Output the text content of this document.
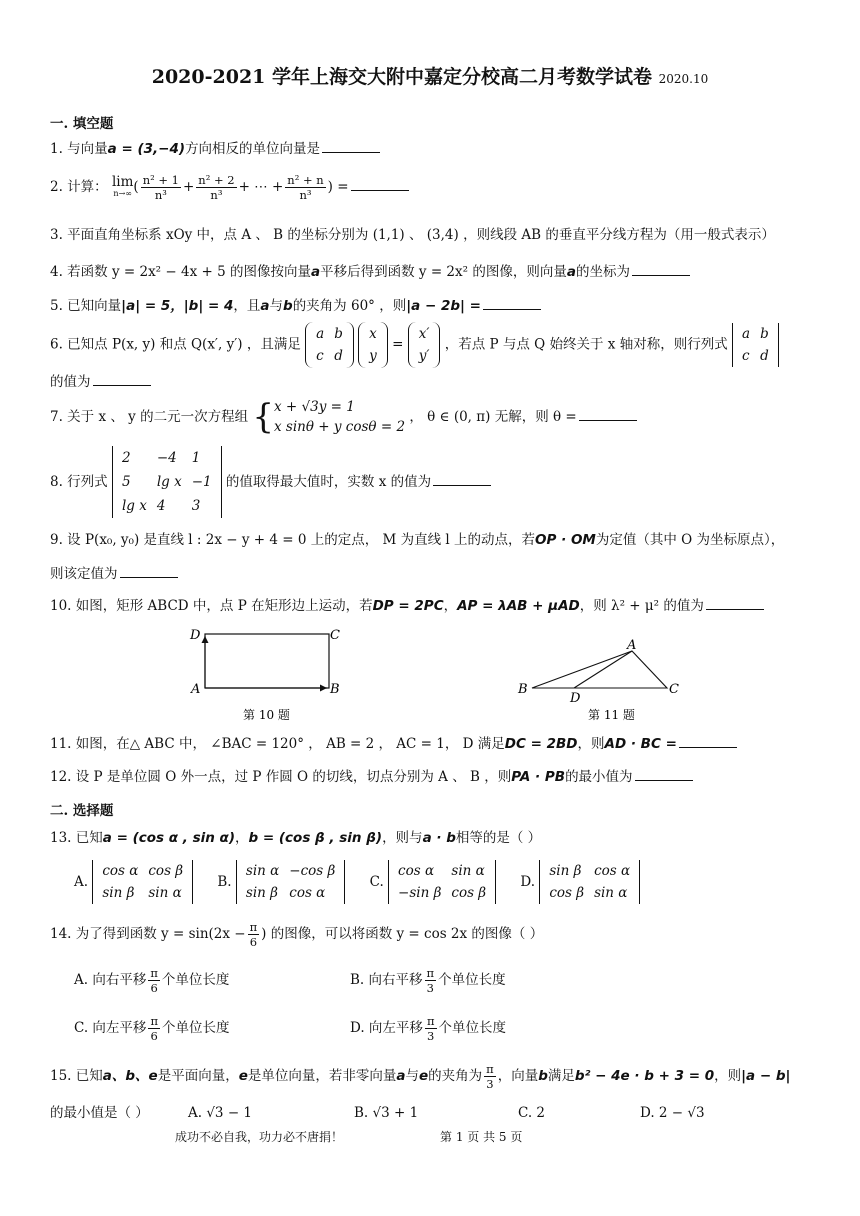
2020-2021 学年上海交大附中嘉定分校高二月考数学试卷 2020.10
一. 填空题
1. 与向量a = (3,−4)方向相反的单位向量是
2. 计算： lim
n→∞ ( $\frac{\text{n² + 1}}{\text{n³}} + \frac{\text{n² + 2}}{\text{n³}}$ + ⋯ + $\frac{\text{n² + n}}{\text{n³}}$ ) =
3. 平面直角坐标系 xOy 中，点 A 、 B 的坐标分别为 (1,1) 、 (3,4) ，则线段 AB 的垂直平分线方程为（用一般式表示）
4. 若函数 y = 2x² − 4x + 5 的图像按向量a平移后得到函数 y = 2x² 的图像，则向量a的坐标为
5. 已知向量|a| = 5，|b| = 4，且a与b的夹角为 60° ，则|a − 2b| =
6. 已知点 P(x, y) 和点 Q(x′, y′) ，且满足
a	b
c	d

x
y
=
x′
y′
，若点 P 与点 Q 始终关于 x 轴对称，则行列式
a	b
c	d
的值为
7. 关于 x 、 y 的二元一次方程组 { x + √3y = 1
x sinθ + y cosθ = 2
， θ ∈ (0, π) 无解，则 θ =
8. 行列式
2	−4	1
5	lg x	−1
lg x	4	3
的值取得最大值时，实数 x 的值为
9. 设 P(x₀, y₀) 是直线 l : 2x − y + 4 = 0 上的定点， M 为直线 l 上的动点，若OP · OM为定值（其中 O 为坐标原点），
则该定值为
10. 如图，矩形 ABCD 中，点 P 在矩形边上运动，若DP = 2PC，AP = λAB + μAD，则 λ² + μ² 的值为
D	C
A	B
第 10 题
A
B	C
D
第 11 题
11. 如图，在△ ABC 中， ∠BAC = 120° ， AB = 2 ， AC = 1， D 满足DC = 2BD，则AD · BC =
12. 设 P 是单位圆 O 外一点，过 P 作圆 O 的切线，切点分别为 A 、 B ，则PA · PB的最小值为
二. 选择题
13. 已知a = (cos α , sin α)，b = (cos β , sin β)，则与a · b相等的是（ ）
A.
cos α	cos β
sin β	sin α
B.
sin α	−cos β
sin β	cos α
C.
cos α	sin α
−sin β	cos β
D.
sin β	cos α
cos β	sin α
14. 为了得到函数 $y = \sin(2x - \frac{\pi}{6}$ ) 的图像，可以将函数 y = cos 2x 的图像（ ）
A. 向右平移 $\frac{\pi}{6}$ 个单位长度	B. 向右平移 $\frac{\pi}{3}$ 个单位长度
C. 向左平移 $\frac{\pi}{6}$ 个单位长度	D. 向左平移 $\frac{\pi}{3}$ 个单位长度
15. 已知a、b、e是平面向量，e是单位向量，若非零向量a与e的夹角为 $\frac{\pi}{3}$ ，向量b满足b² − 4e · b + 3 = 0，则|a − b|
的最小值是（ ）	A. √3 − 1	B. √3 + 1	C. 2	D. 2 − √3
成功不必自我，功力必不唐捐！	第 1 页 共 5 页
